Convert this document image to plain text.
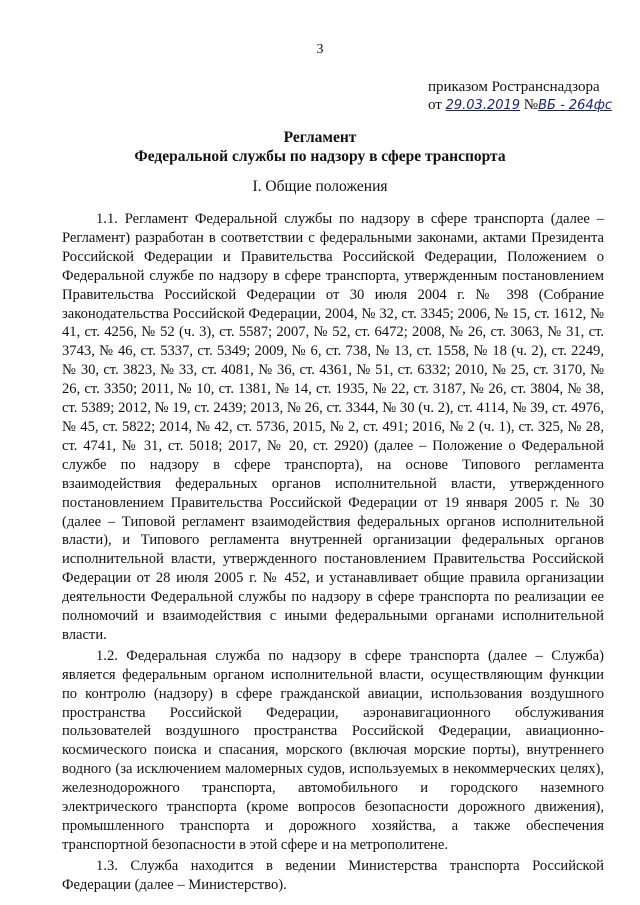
3
приказом Ространснадзора
от 29.03.2019 №ВБ - 264фс
Регламент
Федеральной службы по надзору в сфере транспорта
I. Общие положения

1.1. Регламент Федеральной службы по надзору в сфере транспорта (далее – Регламент) разработан в соответствии с федеральными законами, актами Президента Российской Федерации и Правительства Российской Федерации, Положением о Федеральной службе по надзору в сфере транспорта, утвержденным постановлением Правительства Российской Федерации от 30 июля 2004 г. № 398 (Собрание законодательства Российской Федерации, 2004, № 32, ст. 3345; 2006, № 15, ст. 1612, № 41, ст. 4256, № 52 (ч. 3), ст. 5587; 2007, № 52, ст. 6472; 2008, № 26, ст. 3063, № 31, ст. 3743, № 46, ст. 5337, ст. 5349; 2009, № 6, ст. 738, № 13, ст. 1558, № 18 (ч. 2), ст. 2249, № 30, ст. 3823, № 33, ст. 4081, № 36, ст. 4361, № 51, ст. 6332; 2010, № 25, ст. 3170, № 26, ст. 3350; 2011, № 10, ст. 1381, № 14, ст. 1935, № 22, ст. 3187, № 26, ст. 3804, № 38, ст. 5389; 2012, № 19, ст. 2439; 2013, № 26, ст. 3344, № 30 (ч. 2), ст. 4114, № 39, ст. 4976, № 45, ст. 5822; 2014, № 42, ст. 5736, 2015, № 2, ст. 491; 2016, № 2 (ч. 1), ст. 325, № 28, ст. 4741, № 31, ст. 5018; 2017, № 20, ст. 2920) (далее – Положение о Федеральной службе по надзору в сфере транспорта), на основе Типового регламента взаимодействия федеральных органов исполнительной власти, утвержденного постановлением Правительства Российской Федерации от 19 января 2005 г. № 30 (далее – Типовой регламент взаимодействия федеральных органов исполнительной власти), и Типового регламента внутренней организации федеральных органов исполнительной власти, утвержденного постановлением Правительства Российской Федерации от 28 июля 2005 г. № 452, и устанавливает общие правила организации деятельности Федеральной службы по надзору в сфере транспорта по реализации ее полномочий и взаимодействия с иными федеральными органами исполнительной власти.

1.2. Федеральная служба по надзору в сфере транспорта (далее – Служба) является федеральным органом исполнительной власти, осуществляющим функции по контролю (надзору) в сфере гражданской авиации, использования воздушного пространства Российской Федерации, аэронавигационного обслуживания пользователей воздушного пространства Российской Федерации, авиационно-космического поиска и спасания, морского (включая морские порты), внутреннего водного (за исключением маломерных судов, используемых в некоммерческих целях), железнодорожного транспорта, автомобильного и городского наземного электрического транспорта (кроме вопросов безопасности дорожного движения), промышленного транспорта и дорожного хозяйства, а также обеспечения транспортной безопасности в этой сфере и на метрополитене.

1.3. Служба находится в ведении Министерства транспорта Российской Федерации (далее – Министерство).
